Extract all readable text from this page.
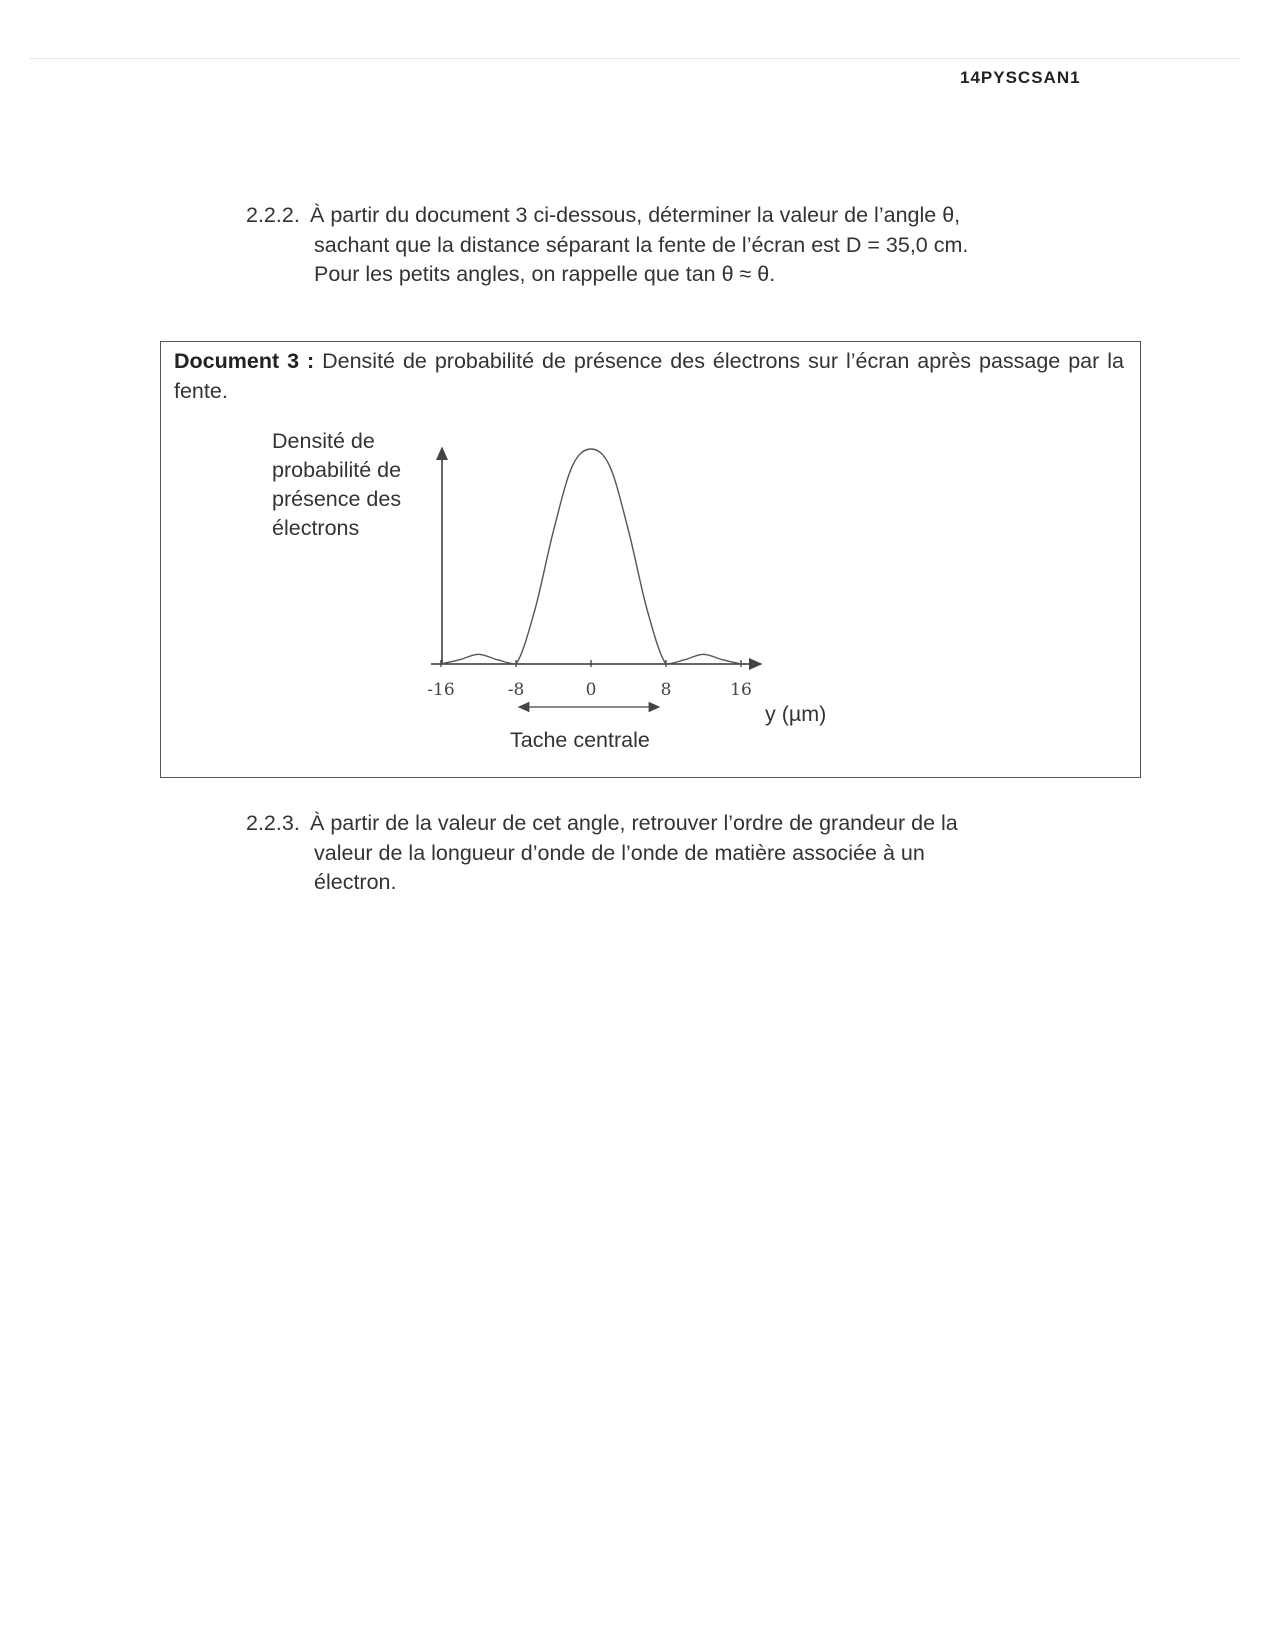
14PYSCSAN1
2.2.2. À partir du document 3 ci-dessous, déterminer la valeur de l’angle θ,
sachant que la distance séparant la fente de l’écran est D = 35,0 cm.
Pour les petits angles, on rappelle que tan θ ≈ θ.
Document 3 : Densité de probabilité de présence des électrons sur l’écran après passage par la fente.
Densité de
probabilité de
présence des
électrons
-16	-8	0	8	16
y (µm)
Tache centrale
2.2.3. À partir de la valeur de cet angle, retrouver l’ordre de grandeur de la
valeur de la longueur d’onde de l’onde de matière associée à un
électron.
